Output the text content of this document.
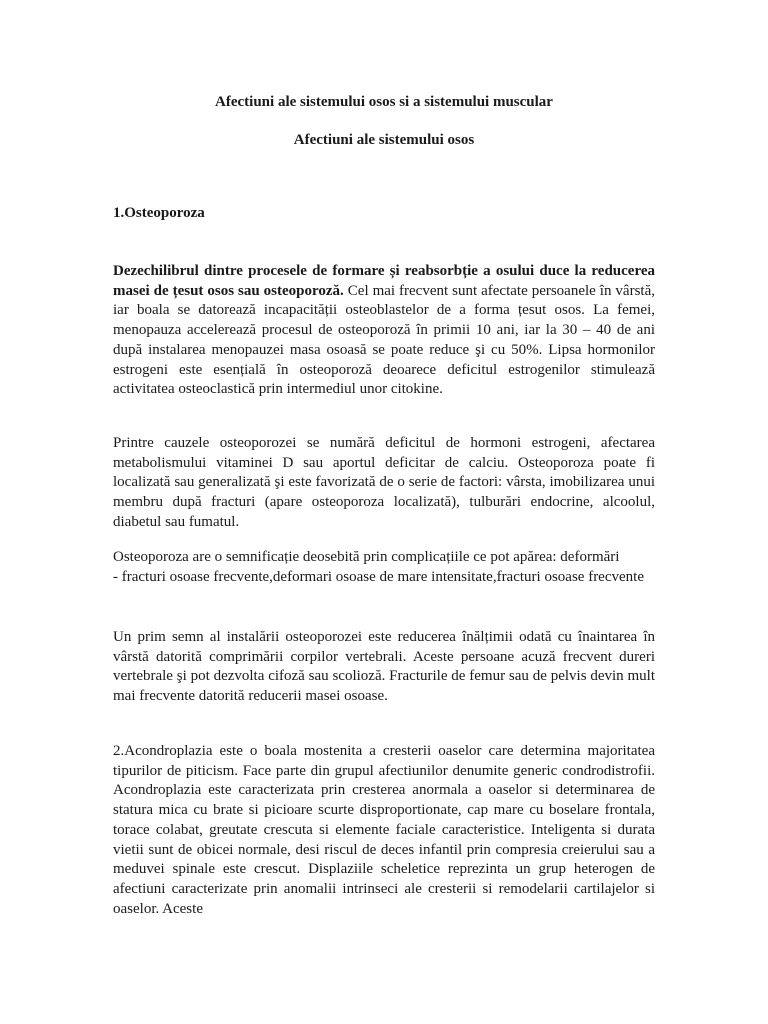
Afectiuni ale sistemului osos si a sistemului muscular
Afectiuni ale sistemului osos
1.Osteoporoza

Dezechilibrul dintre procesele de formare și reabsorbție a osului duce la reducerea masei de țesut osos sau osteoporoză. Cel mai frecvent sunt afectate persoanele în vârstă, iar boala se datorează incapacității osteoblastelor de a forma țesut osos. La femei, menopauza accelerează procesul de osteoporoză în primii 10 ani, iar la 30 – 40 de ani după instalarea menopauzei masa osoasă se poate reduce şi cu 50%. Lipsa hormonilor estrogeni este esențială în osteoporoză deoarece deficitul estrogenilor stimulează activitatea osteoclastică prin intermediul unor citokine.

Printre cauzele osteoporozei se numără deficitul de hormoni estrogeni, afectarea metabolismului vitaminei D sau aportul deficitar de calciu. Osteoporoza poate fi localizată sau generalizată şi este favorizată de o serie de factori: vârsta, imobilizarea unui membru după fracturi (apare osteoporoza localizată), tulburări endocrine, alcoolul, diabetul sau fumatul.

Osteoporoza are o semnificație deosebită prin complicațiile ce pot apărea: deformări
- fracturi osoase frecvente,deformari osoase de mare intensitate,fracturi osoase frecvente

Un prim semn al instalării osteoporozei este reducerea înălțimii odată cu înaintarea în vârstă datorită comprimării corpilor vertebrali. Aceste persoane acuză frecvent dureri vertebrale şi pot dezvolta cifoză sau scolioză. Fracturile de femur sau de pelvis devin mult mai frecvente datorită reducerii masei osoase.

2.Acondroplazia este o boala mostenita a cresterii oaselor care determina majoritatea tipurilor de piticism. Face parte din grupul afectiunilor denumite generic condrodistrofii. Acondroplazia este caracterizata prin cresterea anormala a oaselor si determinarea de statura mica cu brate si picioare scurte disproportionate, cap mare cu boselare frontala, torace colabat, greutate crescuta si elemente faciale caracteristice. Inteligenta si durata vietii sunt de obicei normale, desi riscul de deces infantil prin compresia creierului sau a meduvei spinale este crescut. Displaziile scheletice reprezinta un grup heterogen de afectiuni caracterizate prin anomalii intrinseci ale cresterii si remodelarii cartilajelor si oaselor. Aceste
